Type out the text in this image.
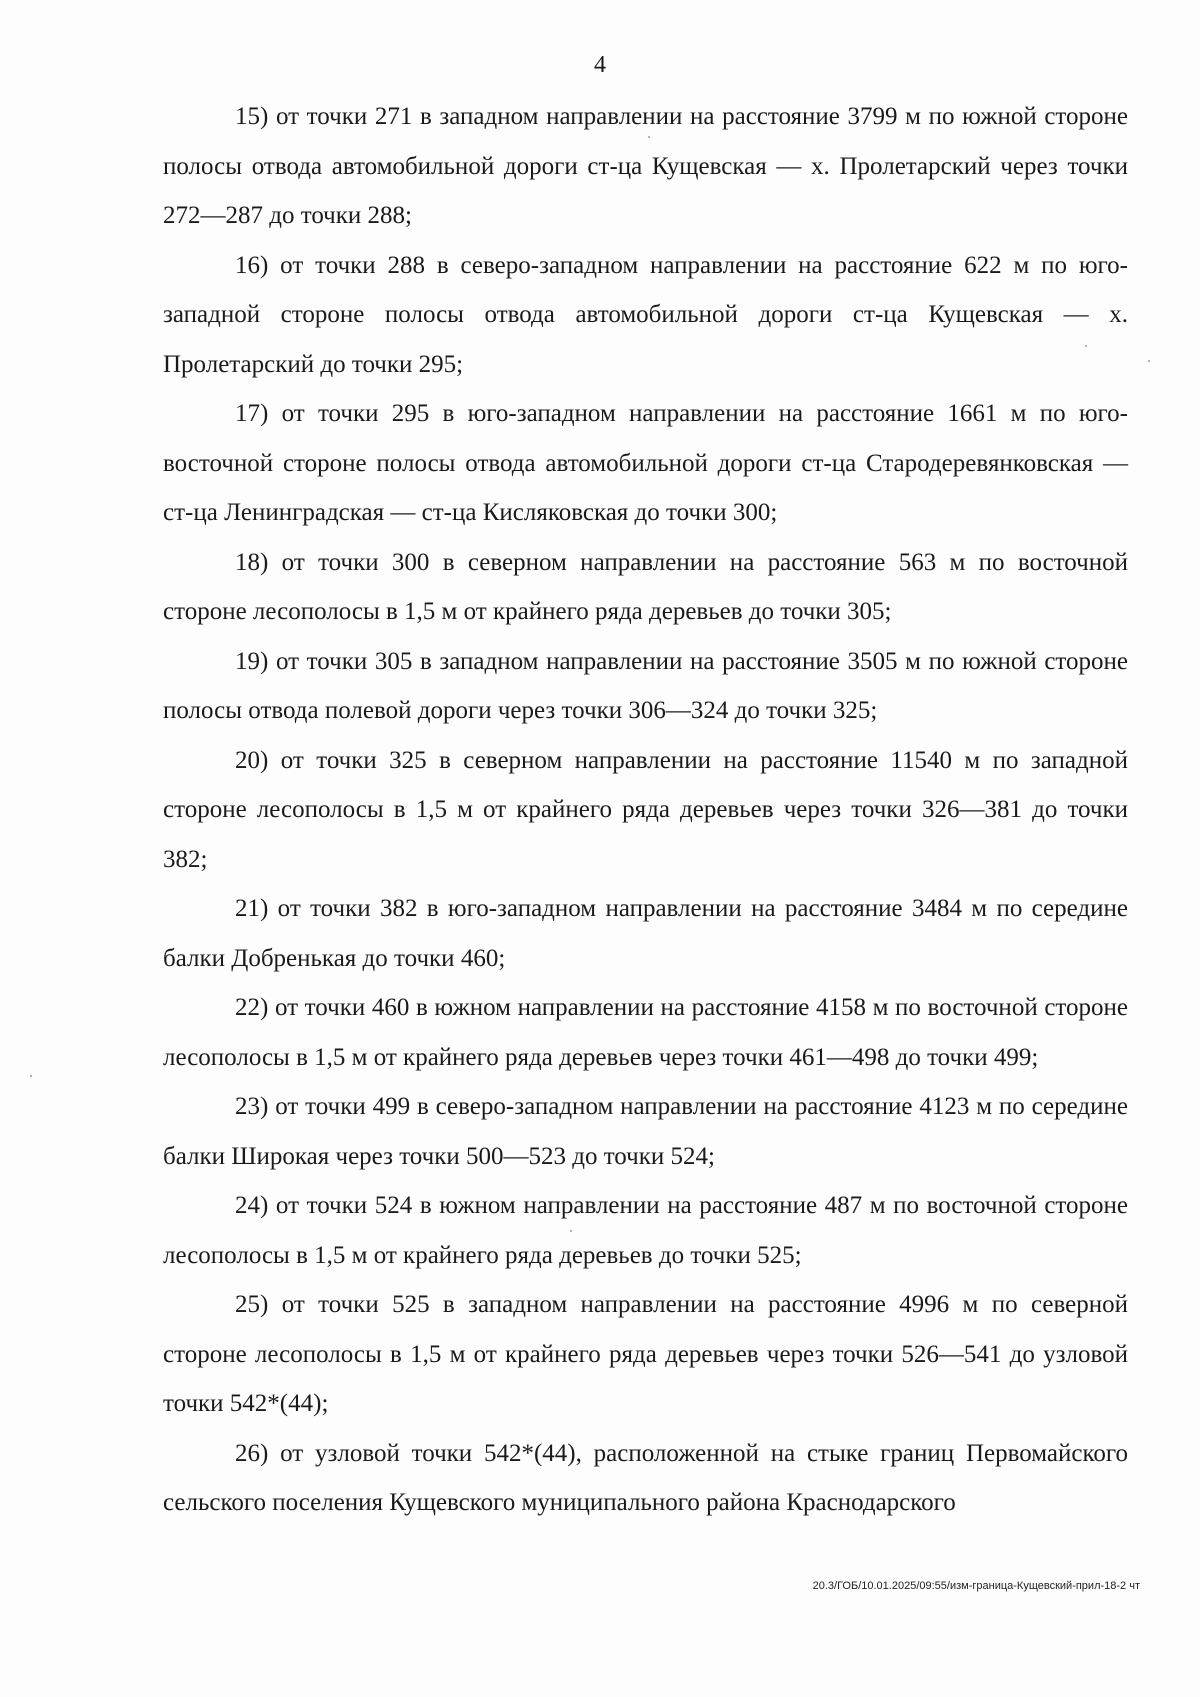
4

15) от точки 271 в западном направлении на расстояние 3799 м по южной стороне полосы отвода автомобильной дороги ст-ца Кущевская — х. Пролетарский через точки 272—287 до точки 288;

16) от точки 288 в северо-западном направлении на расстояние 622 м по юго-западной стороне полосы отвода автомобильной дороги ст-ца Кущевская — х. Пролетарский до точки 295;

17) от точки 295 в юго-западном направлении на расстояние 1661 м по юго-восточной стороне полосы отвода автомобильной дороги ст-ца Стародеревянковская — ст-ца Ленинградская — ст-ца Кисляковская до точки 300;

18) от точки 300 в северном направлении на расстояние 563 м по восточной стороне лесополосы в 1,5 м от крайнего ряда деревьев до точки 305;

19) от точки 305 в западном направлении на расстояние 3505 м по южной стороне полосы отвода полевой дороги через точки 306—324 до точки 325;

20) от точки 325 в северном направлении на расстояние 11540 м по западной стороне лесополосы в 1,5 м от крайнего ряда деревьев через точки 326—381 до точки 382;

21) от точки 382 в юго-западном направлении на расстояние 3484 м по середине балки Добренькая до точки 460;

22) от точки 460 в южном направлении на расстояние 4158 м по восточной стороне лесополосы в 1,5 м от крайнего ряда деревьев через точки 461—498 до точки 499;

23) от точки 499 в северо-западном направлении на расстояние 4123 м по середине балки Широкая через точки 500—523 до точки 524;

24) от точки 524 в южном направлении на расстояние 487 м по восточной стороне лесополосы в 1,5 м от крайнего ряда деревьев до точки 525;

25) от точки 525 в западном направлении на расстояние 4996 м по северной стороне лесополосы в 1,5 м от крайнего ряда деревьев через точки 526—541 до узловой точки 542*(44);

26) от узловой точки 542*(44), расположенной на стыке границ Первомайского сельского поселения Кущевского муниципального района Краснодарского

20.3/ГОБ/10.01.2025/09:55/изм-граница-Кущевский-прил-18-2 чт
